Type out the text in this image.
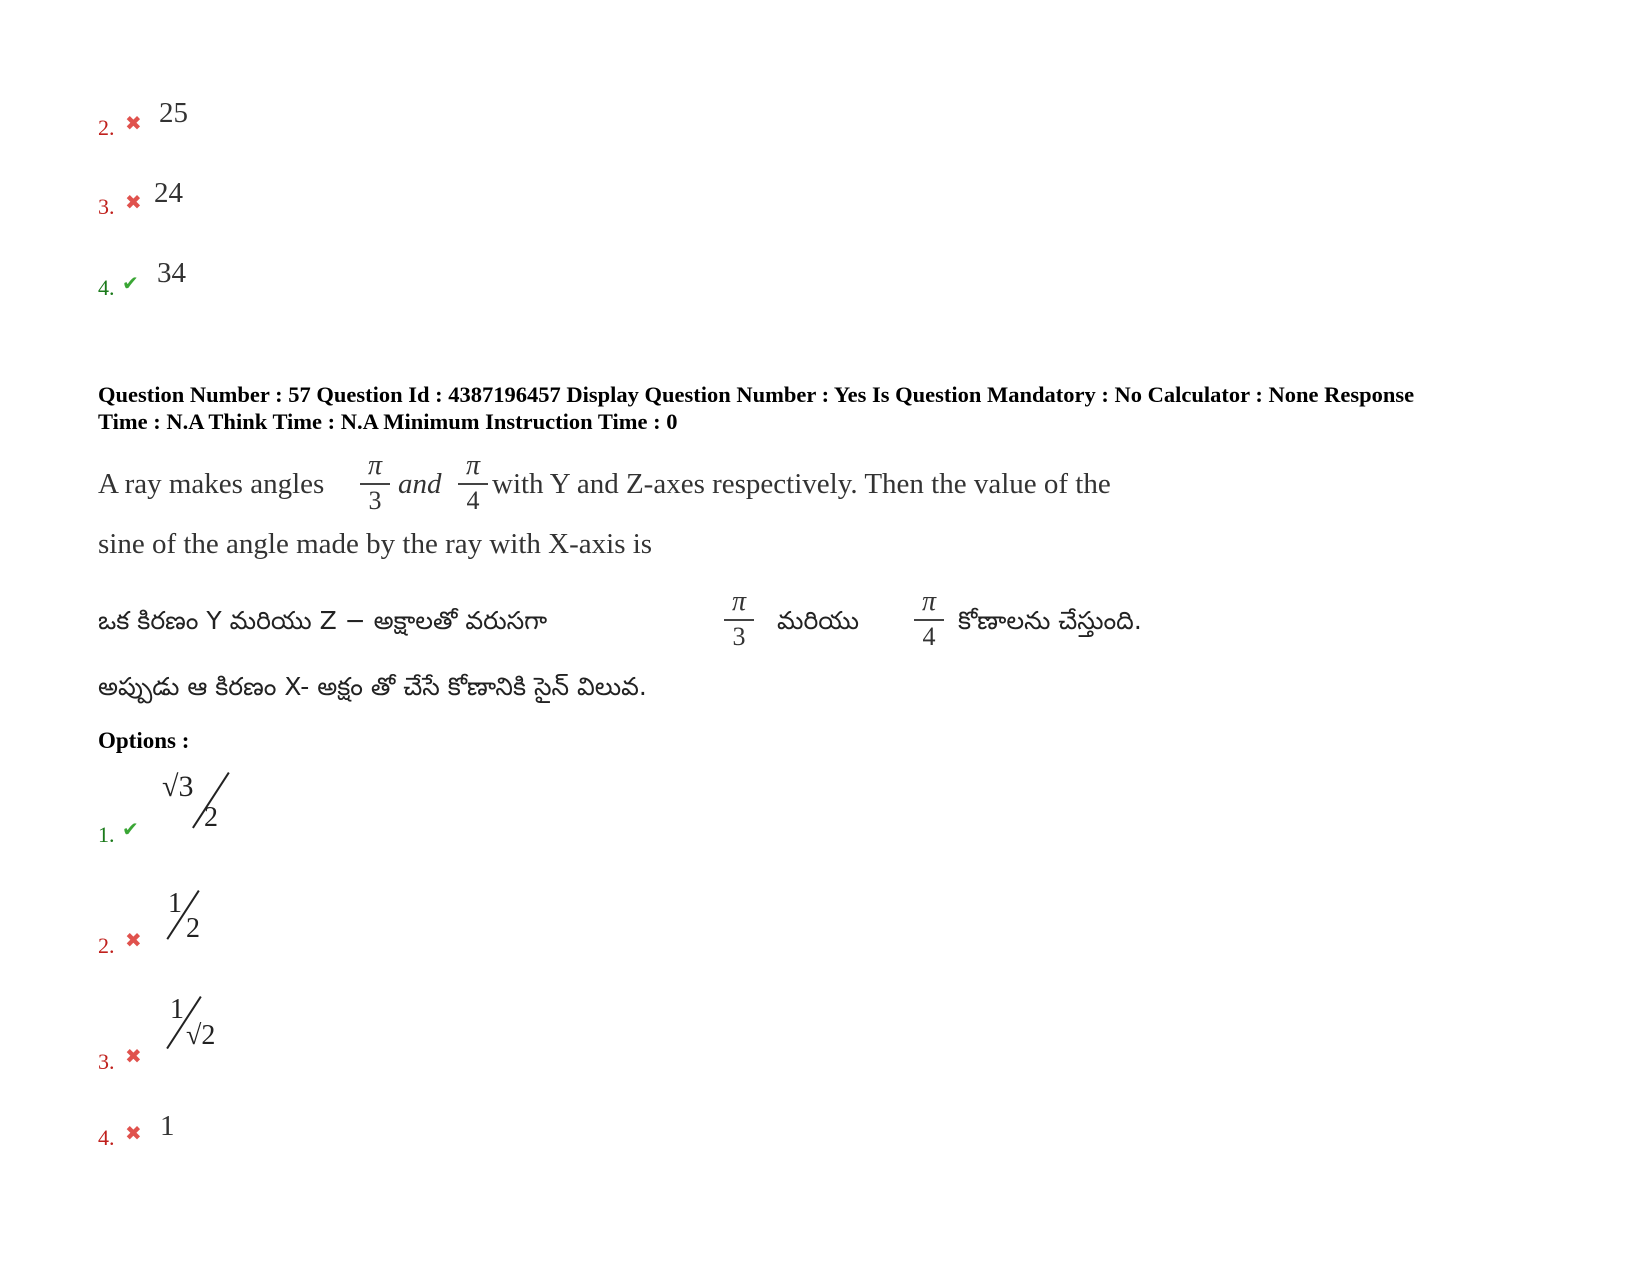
2. ✖ 25
3. ✖ 24
4. ✔ 34
Question Number : 57 Question Id : 4387196457 Display Question Number : Yes Is Question Mandatory : No Calculator : None Response
Time : N.A Think Time : N.A Minimum Instruction Time : 0
A ray makes angles
π
3 and
π
4 with Y and Z-axes respectively. Then the value of the
sine of the angle made by the ray with X-axis is
ఒక కిరణం Y మరియు Z − అక్షాలతో వరుసగా
π
3
మరియు
π
4
కోణాలను చేస్తుంది.
అప్పుడు ఆ కిరణం X- అక్షం తో చేసే కోణానికి సైన్ విలువ.
Options :
1. ✔
√3
2
2. ✖
1
2
3. ✖
1
√2
4. ✖ 1
